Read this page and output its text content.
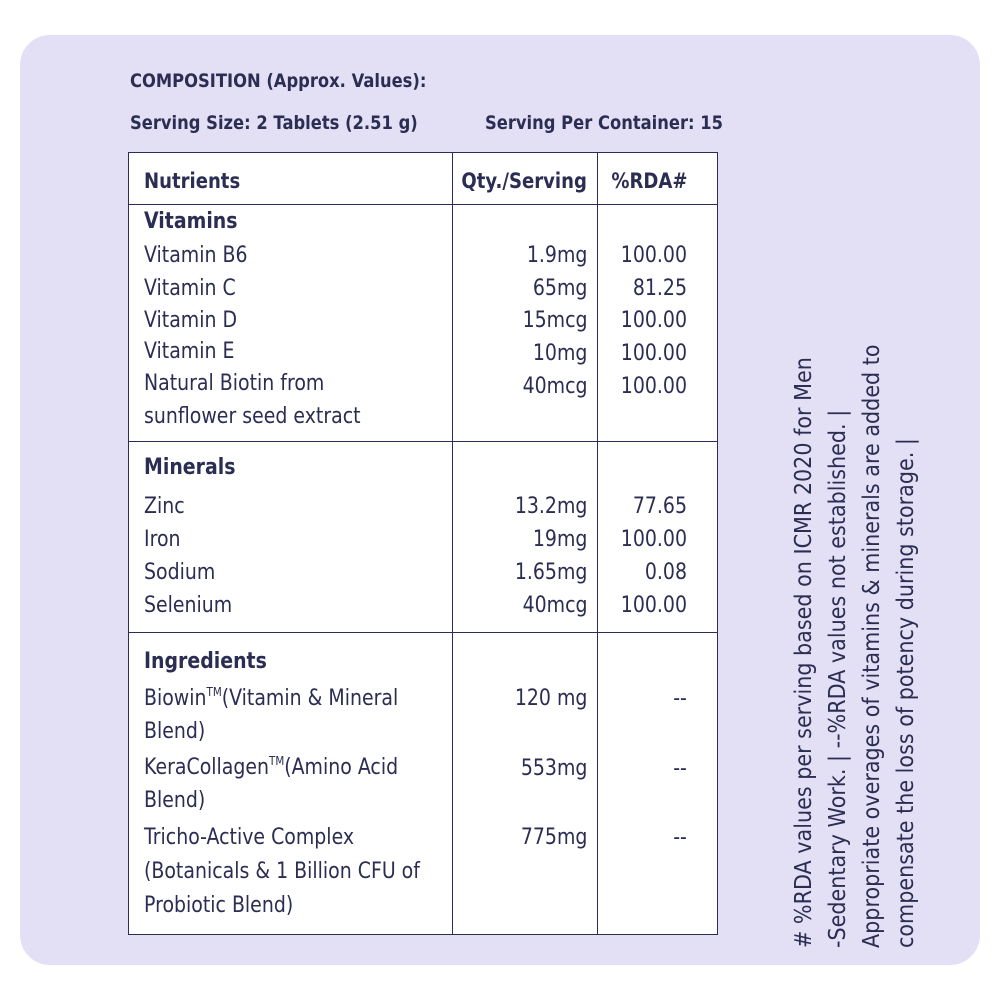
COMPOSITION (Approx. Values):
Serving Size: 2 Tablets (2.51 g)	Serving Per Container: 15
Nutrients	Qty./Serving %RDA#
Vitamins
Vitamin B6	1.9mg 100.00
Vitamin C	65mg 81.25
Vitamin D	15mcg 100.00
Vitamin E	10mg 100.00
Natural Biotin from
sunflower seed extract
40mcg 100.00
Minerals
Zinc	13.2mg 77.65
Iron	19mg 100.00
Sodium	1.65mg	0.08
Selenium	40mcg 100.00
Ingredients
Biowin™(Vitamin & Mineral
Blend)
120 mg	--
KeraCollagen™(Amino Acid
Blend)
553mg	--
Tricho-Active Complex
(Botanicals & 1 Billion CFU of
Probiotic Blend)
775mg	--	# %RDA values per serving based on ICMR 2020 for Men -Sedentary Work. | --%RDA values not established. | Appropriate overages of vitamins & minerals are added to compensate the loss of potency during storage. |
